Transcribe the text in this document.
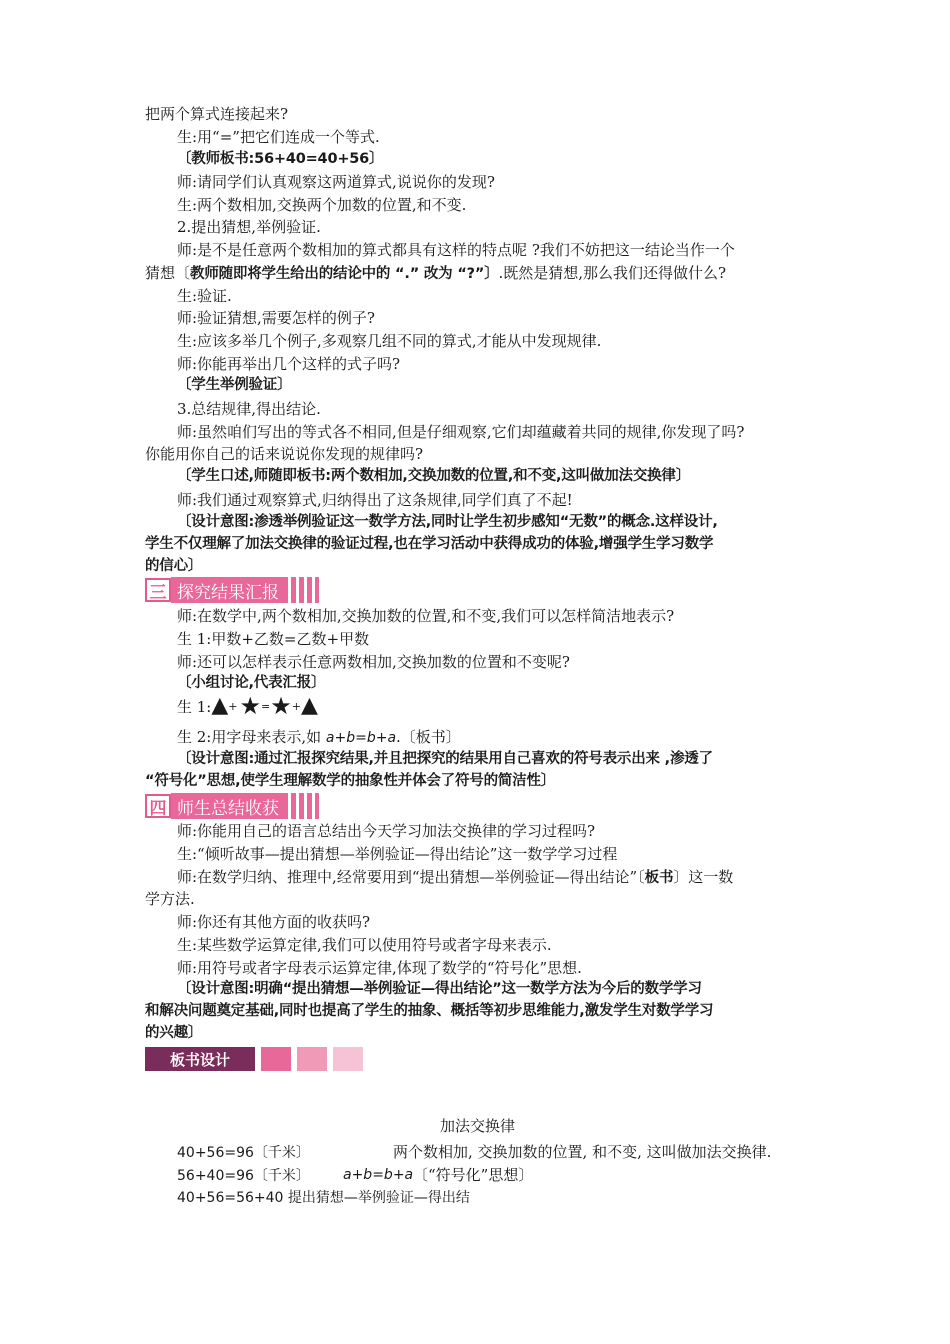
把两个算式连接起来?
生:用“=”把它们连成一个等式.
〔教师板书:56+40=40+56〕
师:请同学们认真观察这两道算式,说说你的发现?
生:两个数相加,交换两个加数的位置,和不变.
2.提出猜想,举例验证.
师:是不是任意两个数相加的算式都具有这样的特点呢 ?我们不妨把这一结论当作一个
猜想〔教师随即将学生给出的结论中的 “.” 改为 “?”〕.既然是猜想,那么我们还得做什么?
生:验证.
师:验证猜想,需要怎样的例子?
生:应该多举几个例子,多观察几组不同的算式,才能从中发现规律.
师:你能再举出几个这样的式子吗?
〔学生举例验证〕
3.总结规律,得出结论.
师:虽然咱们写出的等式各不相同,但是仔细观察,它们却蕴藏着共同的规律,你发现了吗?
你能用你自己的话来说说你发现的规律吗?
〔学生口述,师随即板书:两个数相加,交换加数的位置,和不变,这叫做加法交换律〕
师:我们通过观察算式,归纳得出了这条规律,同学们真了不起!
〔设计意图:渗透举例验证这一数学方法,同时让学生初步感知“无数”的概念.这样设计,
学生不仅理解了加法交换律的验证过程,也在学习活动中获得成功的体验,增强学生学习数学
的信心〕
三 探究结果汇报
师:在数学中,两个数相加,交换加数的位置,和不变,我们可以怎样简洁地表示?
生 1:甲数+乙数=乙数+甲数
师:还可以怎样表示任意两数相加,交换加数的位置和不变呢?
〔小组讨论,代表汇报〕
生 1:▲+★=★+▲
生 2:用字母来表示,如 a+b=b+a.〔板书〕
〔设计意图:通过汇报探究结果,并且把探究的结果用自己喜欢的符号表示出来 ,渗透了
“符号化”思想,使学生理解数学的抽象性并体会了符号的简洁性〕
四 师生总结收获
师:你能用自己的语言总结出今天学习加法交换律的学习过程吗?
生:“倾听故事—提出猜想—举例验证—得出结论”这一数学学习过程
师:在数学归纳、推理中,经常要用到“提出猜想—举例验证—得出结论”〔板书〕这一数
学方法.
师:你还有其他方面的收获吗?
生:某些数学运算定律,我们可以使用符号或者字母来表示.
师:用符号或者字母表示运算定律,体现了数学的“符号化”思想.
〔设计意图:明确“提出猜想—举例验证—得出结论”这一数学方法为今后的数学学习
和解决问题奠定基础,同时也提高了学生的抽象、概括等初步思维能力,激发学生对数学学习
的兴趣〕
板书设计
加法交换律
40+56=96〔千米〕	两个数相加, 交换加数的位置, 和不变, 这叫做加法交换律.
56+40=96〔千米〕 a+b=b+a 〔“符号化”思想〕
40+56=56+40 提出猜想—举例验证—得出结
